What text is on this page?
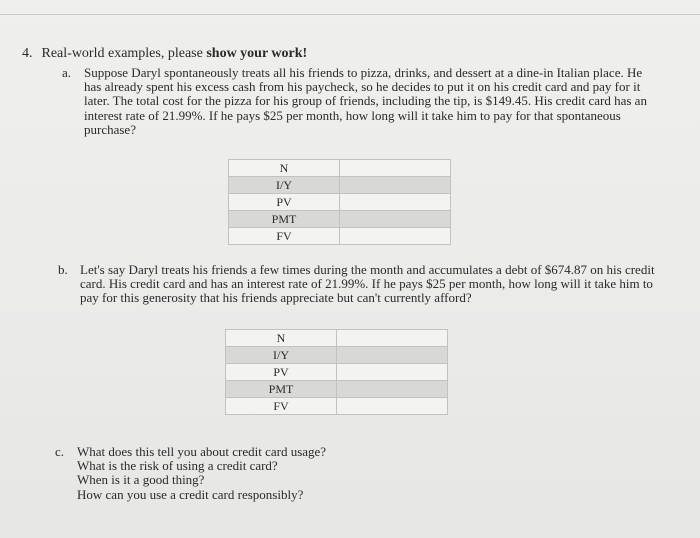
4. Real-world examples, please show your work!
a. Suppose Daryl spontaneously treats all his friends to pizza, drinks, and dessert at a dine-in Italian place. He has already spent his excess cash from his paycheck, so he decides to put it on his credit card and pay for it later. The total cost for the pizza for his group of friends, including the tip, is $149.45. His credit card has an interest rate of 21.99%. If he pays $25 per month, how long will it take him to pay for that spontaneous purchase?
N	
I/Y	
PV	
PMT	
FV	
b. Let's say Daryl treats his friends a few times during the month and accumulates a debt of $674.87 on his credit card. His credit card and has an interest rate of 21.99%. If he pays $25 per month, how long will it take him to pay for this generosity that his friends appreciate but can't currently afford?
N	
I/Y	
PV	
PMT	
FV	
c. What does this tell you about credit card usage?
What is the risk of using a credit card?
When is it a good thing?
How can you use a credit card responsibly?
